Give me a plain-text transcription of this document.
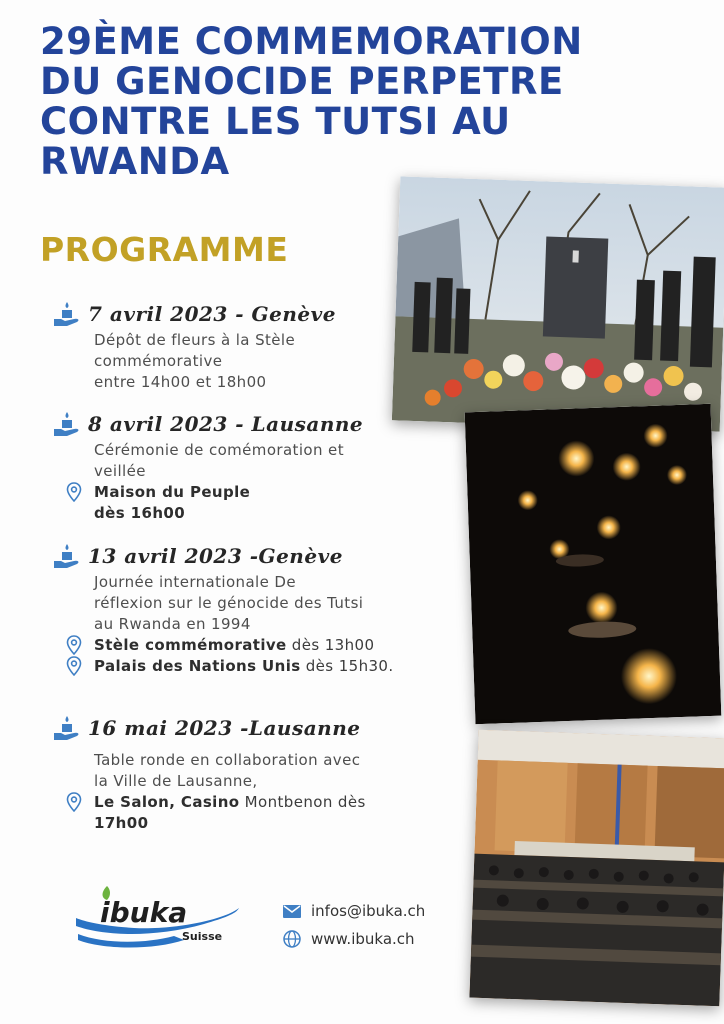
29ÈME COMMEMORATION
DU GENOCIDE PERPETRE
CONTRE LES TUTSI AU
RWANDA
PROGRAMME
7 avril 2023 - Genève
Dépôt de fleurs à la Stèle
commémorative
entre 14h00 et 18h00
8 avril 2023 - Lausanne
Cérémonie de comémoration et
veillée
Maison du Peuple
dès 16h00
13 avril 2023 -Genève
Journée internationale De
réflexion sur le génocide des Tutsi
au Rwanda en 1994
Stèle commémorative dès 13h00
Palais des Nations Unis dès 15h30.
16 mai 2023 -Lausanne
Table ronde en collaboration avec
la Ville de Lausanne,
Le Salon, Casino Montbenon dès
17h00
ibuka
Suisse
infos@ibuka.ch
www.ibuka.ch
